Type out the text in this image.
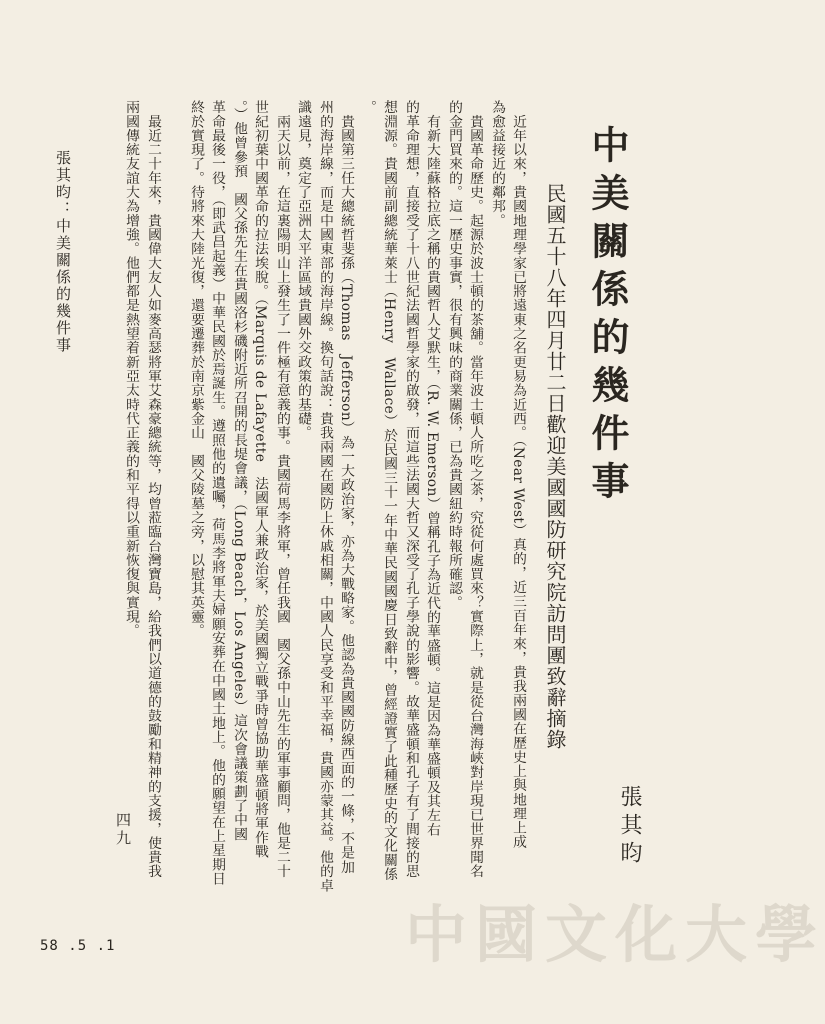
中美關係的幾件事
民國五十八年四月廿二日歡迎美國國防研究院訪問團致辭摘錄
張其昀
　近年以來，貴國地理學家已將遠東之名更易為近西。（Near West）真的，近三百年來，貴我兩國在歷史上與地理上成
為愈益接近的鄰邦。
　貴國革命歷史。起源於波士頓的茶舖。當年波士頓人所吃之茶，究從何處買來？實際上，就是從台灣海峽對岸現已世界聞名
的金門買來的。這一歷史事實，很有興味的商業關係，已為貴國紐約時報所確認。
　有新大陸蘇格拉底之稱的貴國哲人艾默生，（R. W. Emerson）曾稱孔子為近代的華盛頓。這是因為華盛頓及其左右
的革命理想，直接受了十八世紀法國哲學家的啟發，而這些法國大哲又深受了孔子學說的影響。故華盛頓和孔子有了間接的思
想淵源。貴國前副總統華萊士（Henry　Wallace）於民國三十一年中華民國國慶日致辭中，曾經證實了此種歷史的文化關係
。
　貴國第三任大總統哲斐孫（Thomas　Jefferson）為一大政治家，亦為大戰略家。他認為貴國國防線西面的一條，不是加
州的海岸線，而是中國東部的海岸線。換句話說：貴我兩國在國防上休戚相關，中國人民享受和平幸福，貴國亦蒙其益。他的卓
識遠見，奠定了亞洲太平洋區域貴國外交政策的基礎。
　兩天以前，在這裏陽明山上發生了一件極有意義的事。貴國荷馬李將軍，曾任我國　國父孫中山先生的軍事顧問，他是二十
世紀初葉中國革命的拉法埃脫。（Marquis de Lafayette　法國軍人兼政治家，於美國獨立戰爭時曾協助華盛頓將軍作戰
。）他曾參預　國父孫先生在貴國洛杉磯附近所召開的長堤會議，（Long Beach，Los Angeles）這次會議策劃了中國
革命最後一役，（即武昌起義）中華民國於焉誕生。遵照他的遺囑，荷馬李將軍夫婦願安葬在中國土地上。他的願望在上星期日
終於實現了。待將來大陸光復，還要遷葬於南京紫金山　國父陵墓之旁，以慰其英靈。
　最近二十年來，貴國偉大友人如麥高瑟將軍艾森豪總統等，均曾蒞臨台灣寶島，給我們以道德的鼓勵和精神的支援，使貴我
兩國傳統友誼大為增強。他們都是熱望着新亞太時代正義的和平得以重新恢復與實現。
張其昀：中美關係的幾件事
四九
58 .5 .1	中國文化大學
